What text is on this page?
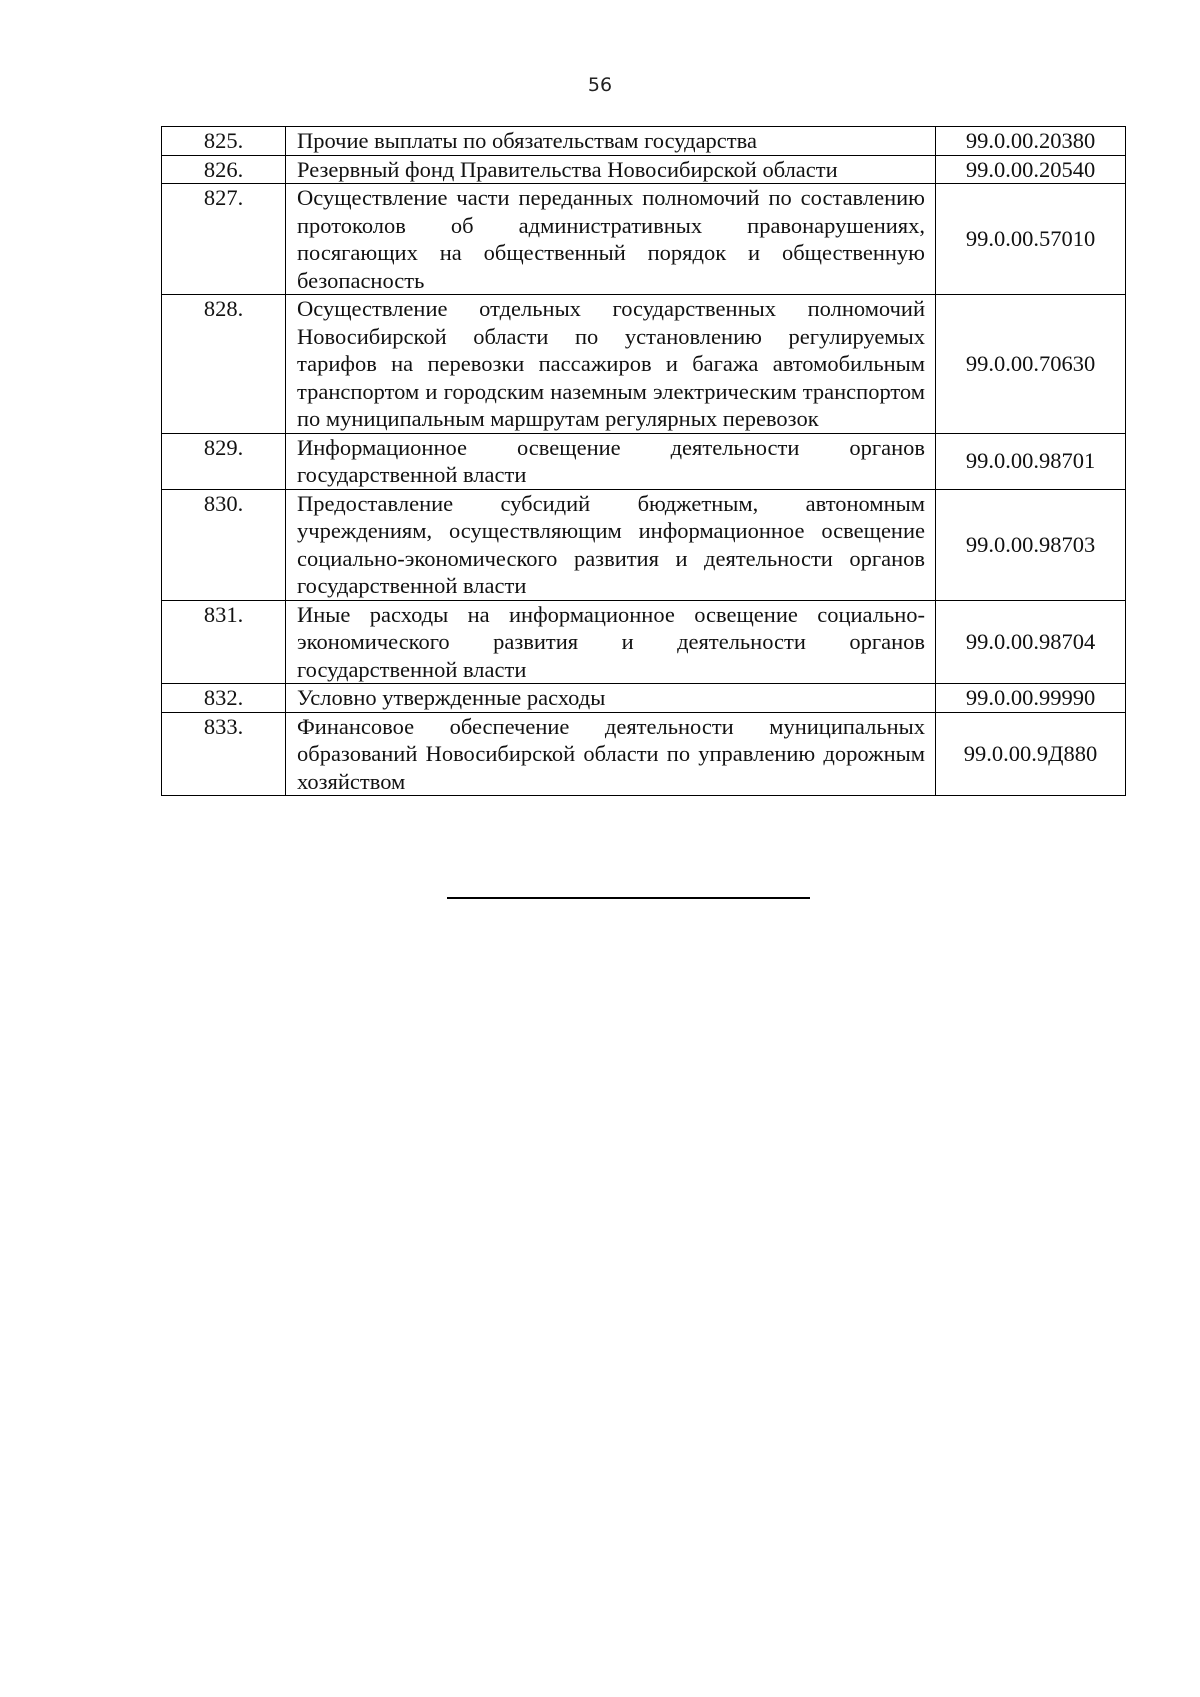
56
825.	Прочие выплаты по обязательствам государства	99.0.00.20380
826.	Резервный фонд Правительства Новосибирской области	99.0.00.20540
827.	Осуществление части переданных полномочий по составлению протоколов об административных правонарушениях, посягающих на общественный порядок и общественную безопасность	99.0.00.57010
828.	Осуществление отдельных государственных полномочий Новосибирской области по установлению регулируемых тарифов на перевозки пассажиров и багажа автомобильным транспортом и городским наземным электрическим транспортом по муниципальным маршрутам регулярных перевозок	99.0.00.70630
829.	Информационное освещение деятельности органов государственной власти	99.0.00.98701
830.	Предоставление субсидий бюджетным, автономным учреждениям, осуществляющим информационное освещение социально-экономического развития и деятельности органов государственной власти	99.0.00.98703
831.	Иные расходы на информационное освещение социально-экономического развития и деятельности органов государственной власти	99.0.00.98704
832.	Условно утвержденные расходы	99.0.00.99990
833.	Финансовое обеспечение деятельности муниципальных образований Новосибирской области по управлению дорожным хозяйством	99.0.00.9Д880
